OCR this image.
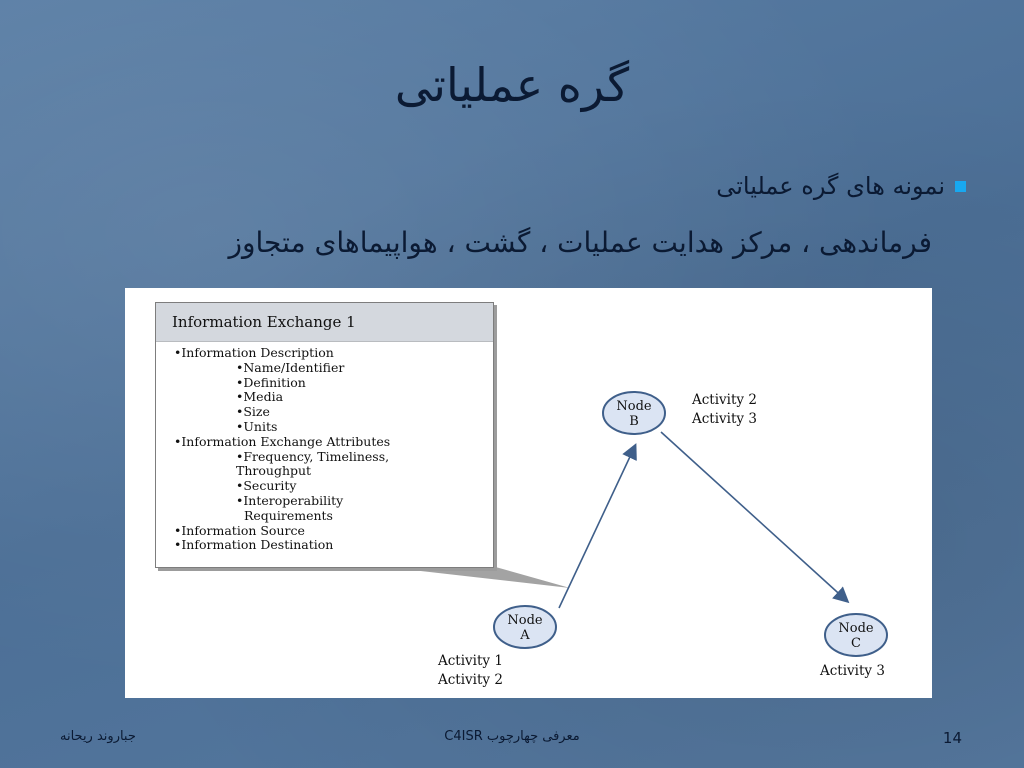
گره عملیاتی
نمونه های گره عملیاتی
فرماندهی ، مرکز هدایت عملیات ، گشت ، هواپیماهای متجاوز
Information Exchange 1
•Information Description
•Name/Identifier
•Definition
•Media
•Size
•Units
•Information Exchange Attributes
•Frequency, Timeliness,
Throughput
•Security
•Interoperability
Requirements
•Information Source
•Information Destination
Node
A
Node
B
Node
C
Activity 1
Activity 2
Activity 2
Activity 3
Activity 3
جباروند ریحانه	معرفی چهارچوب C4ISR	14
